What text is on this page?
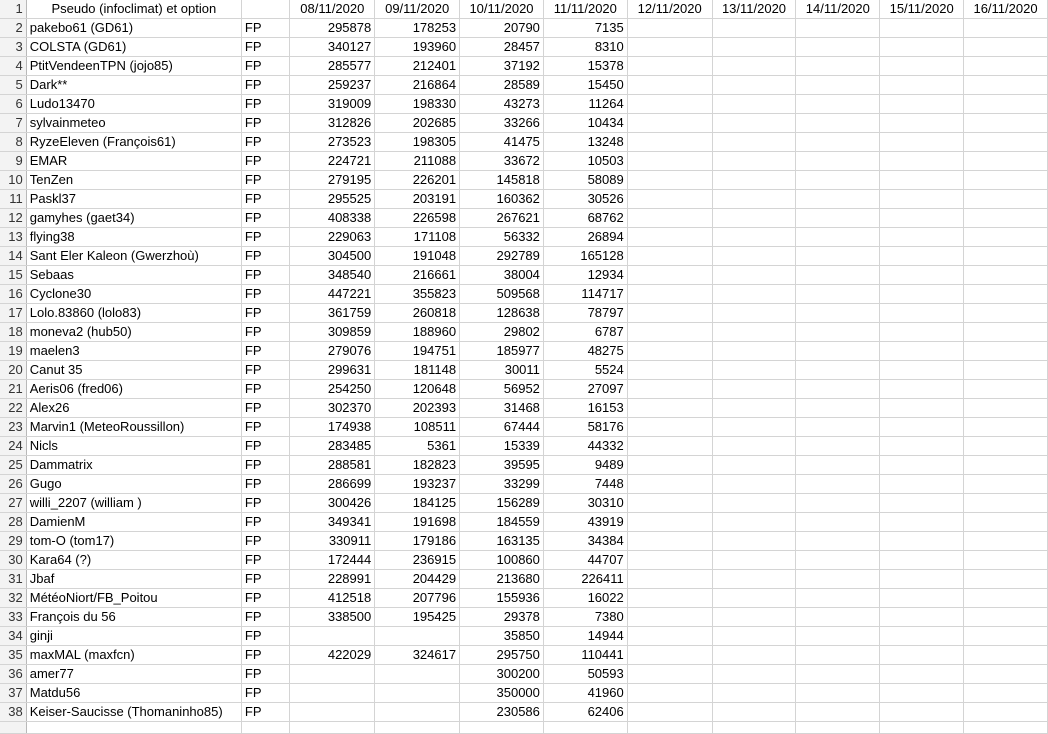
1	Pseudo (infoclimat) et option		08/11/2020	09/11/2020	10/11/2020	11/11/2020	12/11/2020	13/11/2020	14/11/2020	15/11/2020	16/11/2020
2	pakebo61 (GD61)	FP	295878	178253	20790	7135					
3	COLSTA (GD61)	FP	340127	193960	28457	8310					
4	PtitVendeenTPN (jojo85)	FP	285577	212401	37192	15378					
5	Dark**	FP	259237	216864	28589	15450					
6	Ludo13470	FP	319009	198330	43273	11264					
7	sylvainmeteo	FP	312826	202685	33266	10434					
8	RyzeEleven (François61)	FP	273523	198305	41475	13248					
9	EMAR	FP	224721	211088	33672	10503					
10	TenZen	FP	279195	226201	145818	58089					
11	Paskl37	FP	295525	203191	160362	30526					
12	gamyhes (gaet34)	FP	408338	226598	267621	68762					
13	flying38	FP	229063	171108	56332	26894					
14	Sant Eler Kaleon (Gwerzhoù)	FP	304500	191048	292789	165128					
15	Sebaas	FP	348540	216661	38004	12934					
16	Cyclone30	FP	447221	355823	509568	114717					
17	Lolo.83860 (lolo83)	FP	361759	260818	128638	78797					
18	moneva2 (hub50)	FP	309859	188960	29802	6787					
19	maelen3	FP	279076	194751	185977	48275					
20	Canut 35	FP	299631	181148	30011	5524					
21	Aeris06 (fred06)	FP	254250	120648	56952	27097					
22	Alex26	FP	302370	202393	31468	16153					
23	Marvin1 (MeteoRoussillon)	FP	174938	108511	67444	58176					
24	Nicls	FP	283485	5361	15339	44332					
25	Dammatrix	FP	288581	182823	39595	9489					
26	Gugo	FP	286699	193237	33299	7448					
27	willi_2207 (william )	FP	300426	184125	156289	30310					
28	DamienM	FP	349341	191698	184559	43919					
29	tom-O (tom17)	FP	330911	179186	163135	34384					
30	Kara64 (?)	FP	172444	236915	100860	44707					
31	Jbaf	FP	228991	204429	213680	226411					
32	MétéoNiort/FB_Poitou	FP	412518	207796	155936	16022					
33	François du 56	FP	338500	195425	29378	7380					
34	ginji	FP			35850	14944					
35	maxMAL (maxfcn)	FP	422029	324617	295750	110441					
36	amer77	FP			300200	50593					
37	Matdu56	FP			350000	41960					
38	Keiser-Saucisse (Thomaninho85)	FP			230586	62406					
